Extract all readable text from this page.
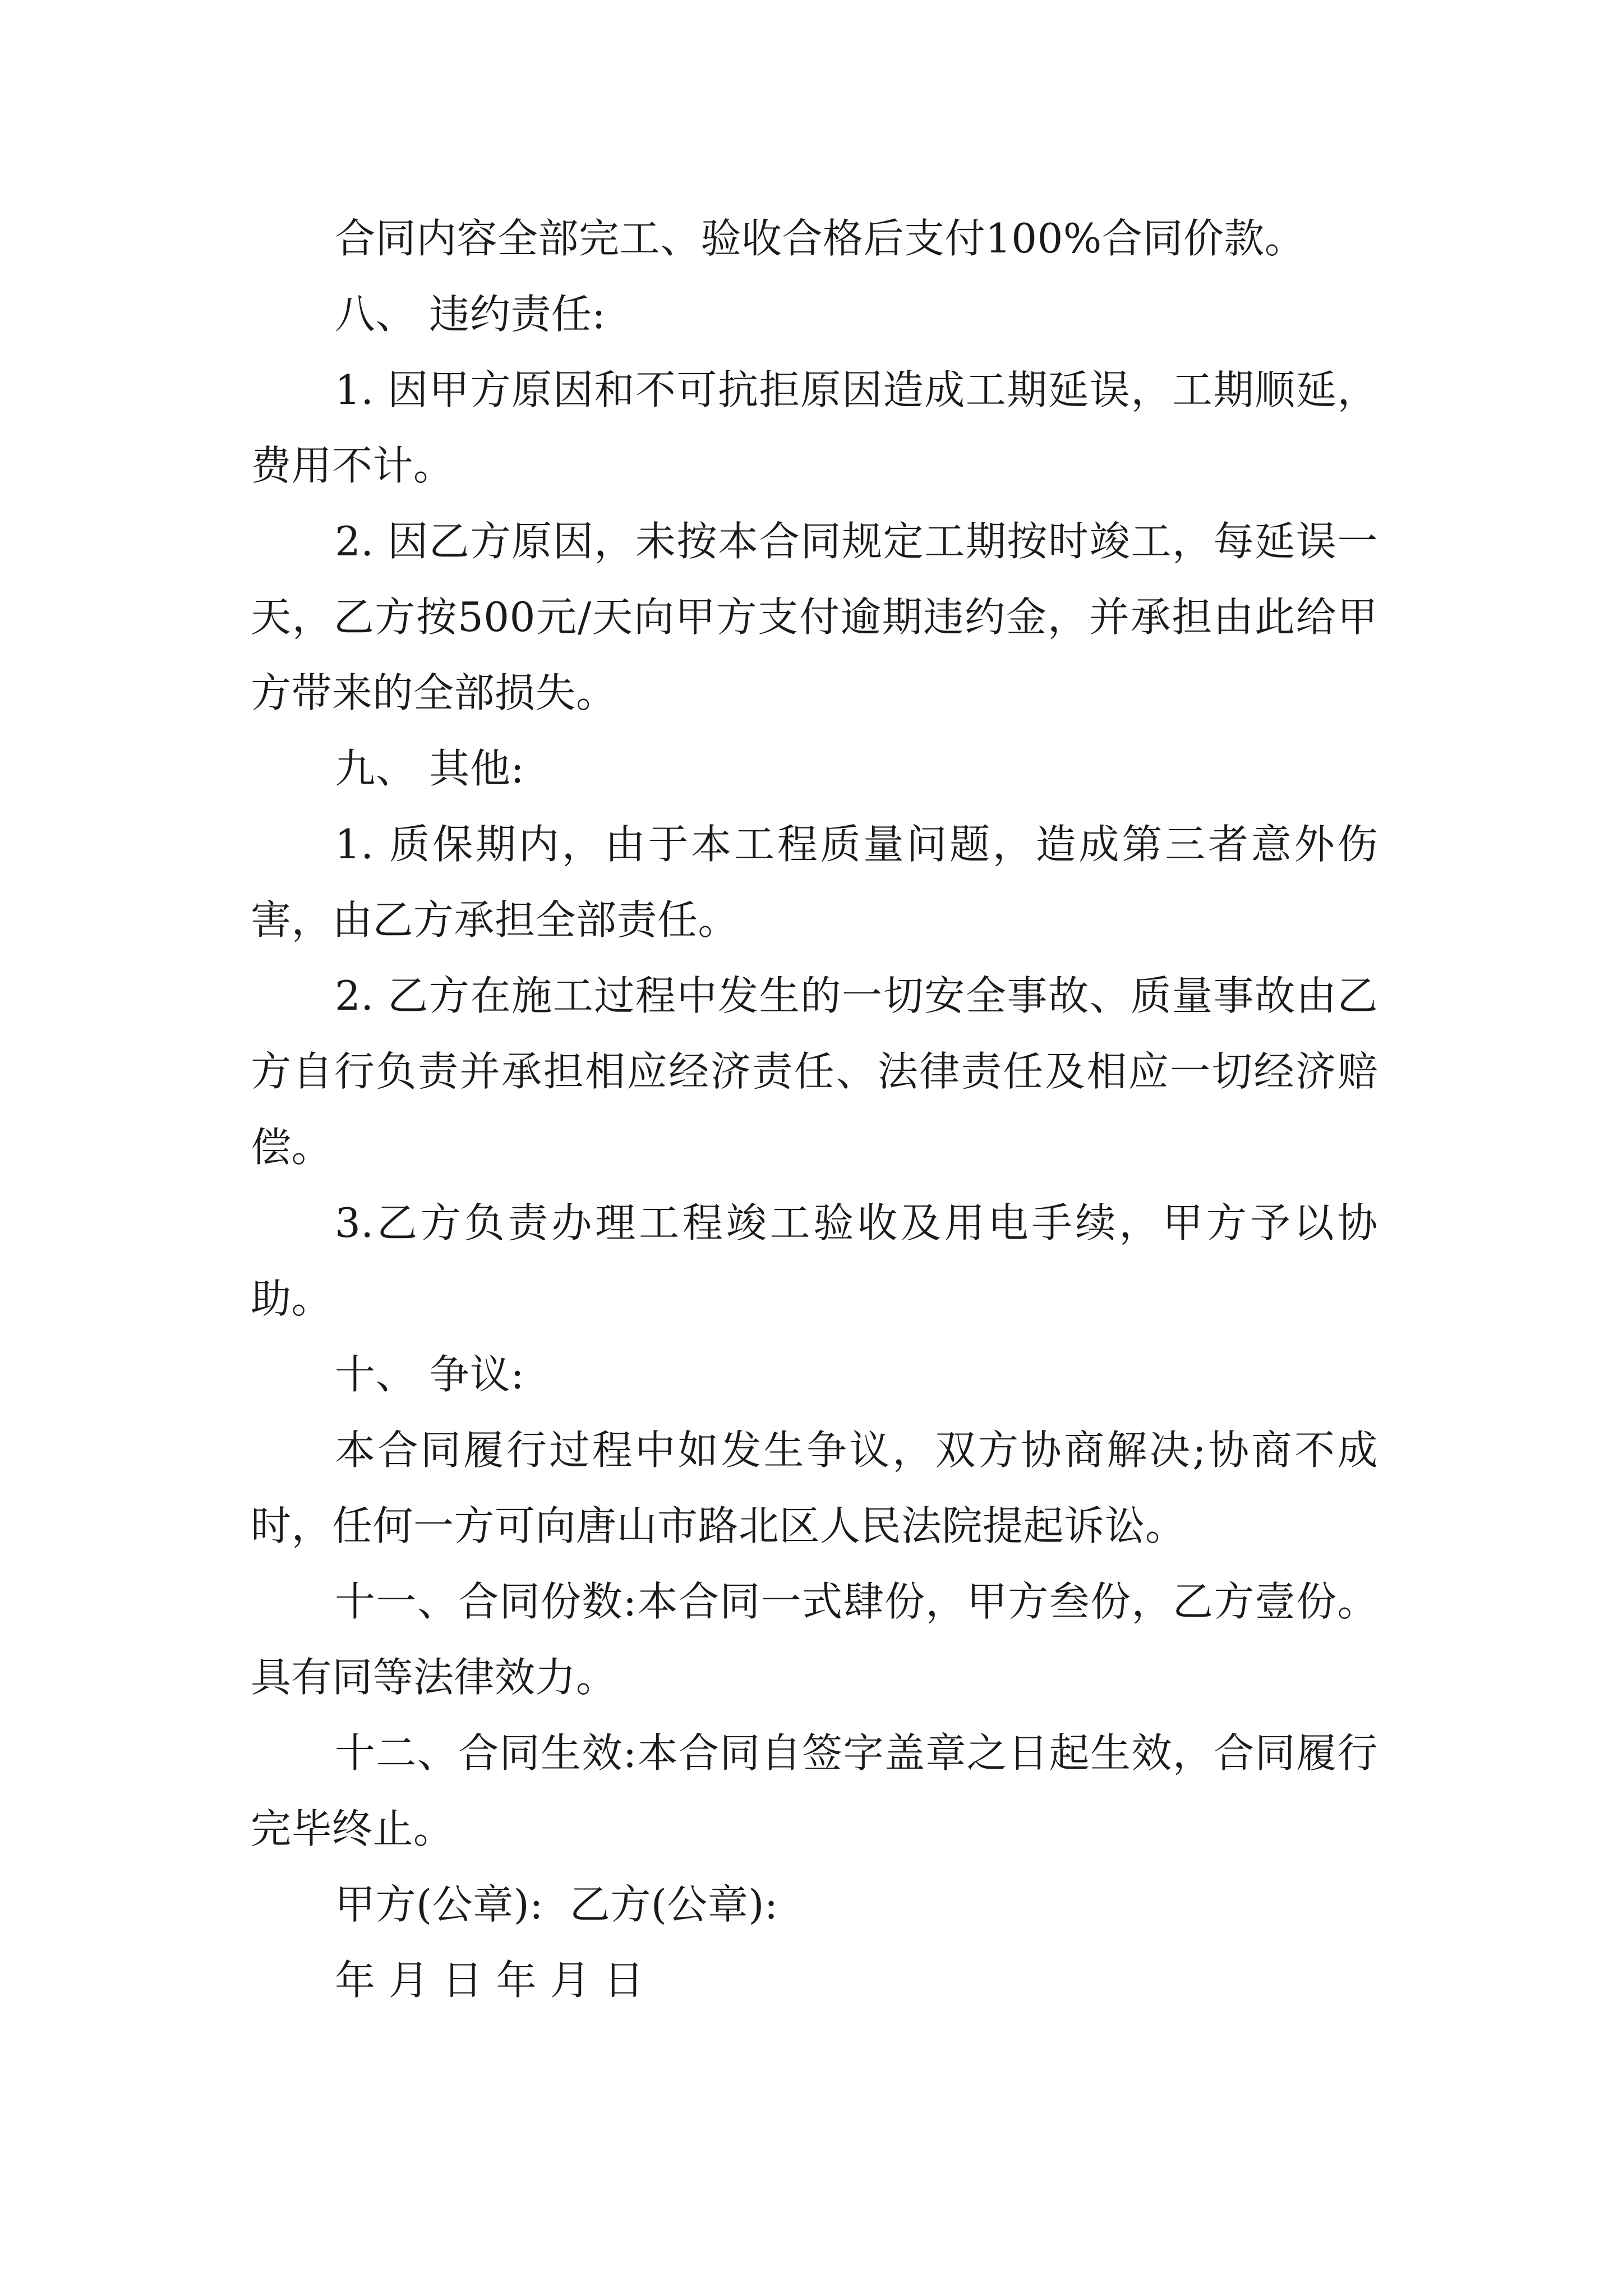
合同内容全部完工、验收合格后支付100%合同价款。

八、 违约责任:

1. 因甲方原因和不可抗拒原因造成工期延误，工期顺延，费用不计。

2. 因乙方原因，未按本合同规定工期按时竣工，每延误一天，乙方按500元/天向甲方支付逾期违约金，并承担由此给甲方带来的全部损失。

九、 其他:

1. 质保期内，由于本工程质量问题，造成第三者意外伤害，由乙方承担全部责任。

2. 乙方在施工过程中发生的一切安全事故、质量事故由乙方自行负责并承担相应经济责任、法律责任及相应一切经济赔偿。

3.乙方负责办理工程竣工验收及用电手续，甲方予以协助。

十、 争议:

本合同履行过程中如发生争议，双方协商解决;协商不成时，任何一方可向唐山市路北区人民法院提起诉讼。

十一、合同份数:本合同一式肆份，甲方叁份，乙方壹份。具有同等法律效力。

十二、合同生效:本合同自签字盖章之日起生效，合同履行完毕终止。

甲方(公章): 乙方(公章):

年 月 日 年 月 日
